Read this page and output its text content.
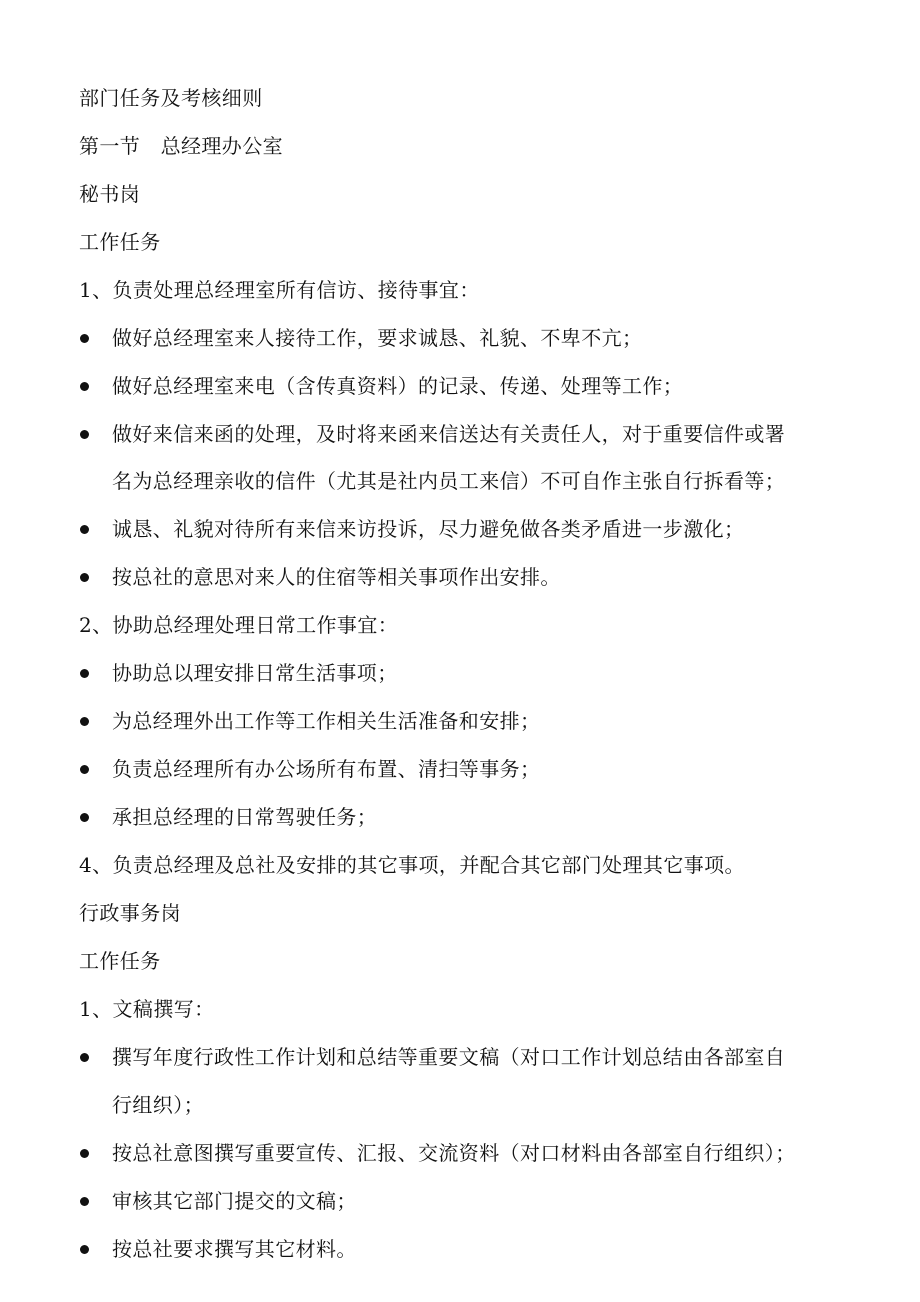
部门任务及考核细则
第一节　总经理办公室
秘书岗
工作任务
1、负责处理总经理室所有信访、接待事宜：
做好总经理室来人接待工作，要求诚恳、礼貌、不卑不亢；
做好总经理室来电（含传真资料）的记录、传递、处理等工作；
做好来信来函的处理，及时将来函来信送达有关责任人，对于重要信件或署
名为总经理亲收的信件（尤其是社内员工来信）不可自作主张自行拆看等；
诚恳、礼貌对待所有来信来访投诉，尽力避免做各类矛盾进一步激化；
按总社的意思对来人的住宿等相关事项作出安排。
2、协助总经理处理日常工作事宜：
协助总以理安排日常生活事项；
为总经理外出工作等工作相关生活准备和安排；
负责总经理所有办公场所有布置、清扫等事务；
承担总经理的日常驾驶任务；
4、负责总经理及总社及安排的其它事项，并配合其它部门处理其它事项。
行政事务岗
工作任务
1、文稿撰写：
撰写年度行政性工作计划和总结等重要文稿（对口工作计划总结由各部室自
行组织）；
按总社意图撰写重要宣传、汇报、交流资料（对口材料由各部室自行组织）；
审核其它部门提交的文稿；
按总社要求撰写其它材料。
